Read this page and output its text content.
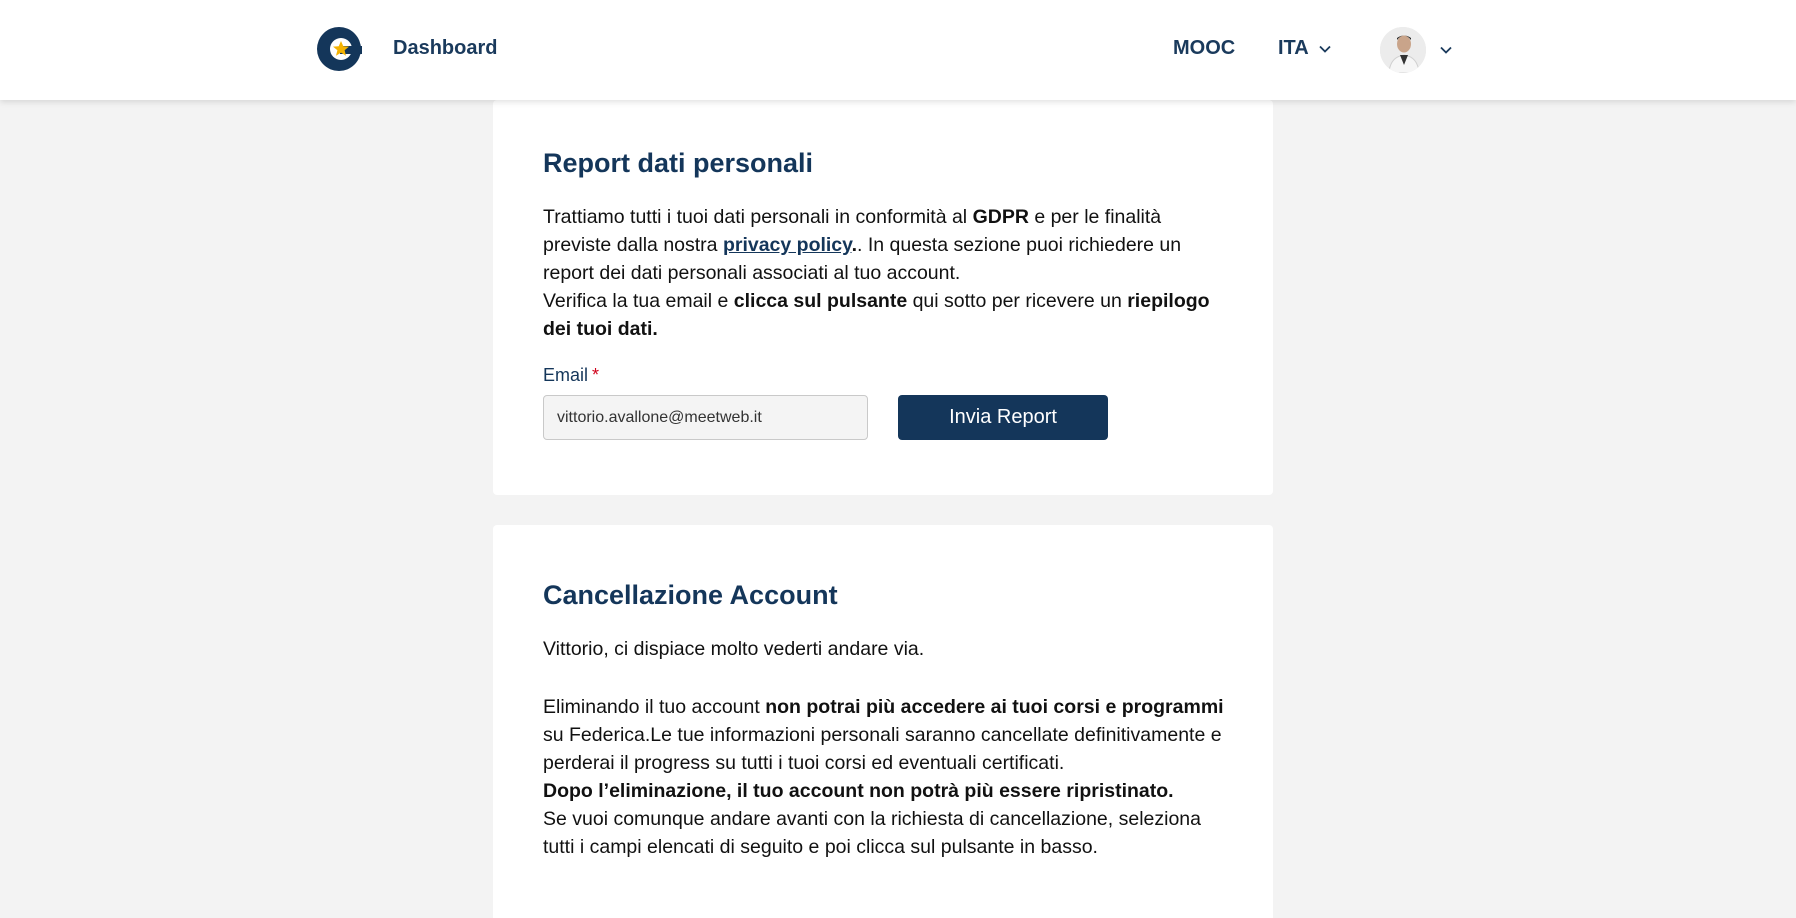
Dashboard	MOOC ITA
Report dati personali

Trattiamo tutti i tuoi dati personali in conformità al GDPR e per le finalità previste dalla nostra privacy policy.. In questa sezione puoi richiedere un report dei dati personali associati al tuo account.
Verifica la tua email e clicca sul pulsante qui sotto per ricevere un riepilogo dei tuoi dati.

Email *
vittorio.avallone@meetweb.it
Invia Report
Cancellazione Account

Vittorio, ci dispiace molto vederti andare via.

Eliminando il tuo account non potrai più accedere ai tuoi corsi e programmi su Federica.Le tue informazioni personali saranno cancellate definitivamente e perderai il progress su tutti i tuoi corsi ed eventuali certificati.
Dopo l’eliminazione, il tuo account non potrà più essere ripristinato.
Se vuoi comunque andare avanti con la richiesta di cancellazione, seleziona tutti i campi elencati di seguito e poi clicca sul pulsante in basso.
